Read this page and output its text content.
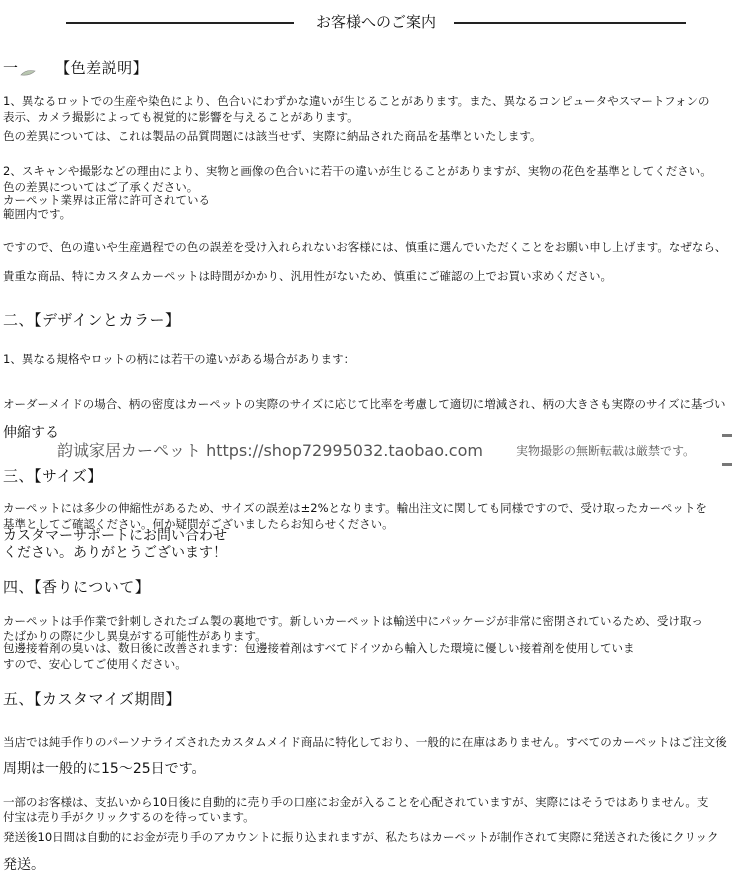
お客様へのご案内
一 【色差説明】
1、異なるロットでの生産や染色により、色合いにわずかな違いが生じることがあります。また、異なるコンピュータやスマートフォンの
表示、カメラ撮影によっても視覚的に影響を与えることがあります。
色の差異については、これは製品の品質問題には該当せず、実際に納品された商品を基準といたします。
2、スキャンや撮影などの理由により、実物と画像の色合いに若干の違いが生じることがありますが、実物の花色を基準としてください。
色の差異についてはご了承ください。
カーペット業界は正常に許可されている
範囲内です。
ですので、色の違いや生産過程での色の誤差を受け入れられないお客様には、慎重に選んでいただくことをお願い申し上げます。なぜなら、
貴重な商品、特にカスタムカーペットは時間がかかり、汎用性がないため、慎重にご確認の上でお買い求めください。
二、【デザインとカラー】
1、異なる規格やロットの柄には若干の違いがある場合があります：
オーダーメイドの場合、柄の密度はカーペットの実際のサイズに応じて比率を考慮して適切に増減され、柄の大きさも実際のサイズに基づい
伸縮する
韵诚家居カーペット https://shop72995032.taobao.com	実物撮影の無断転載は厳禁です。
三、【サイズ】
カーペットには多少の伸縮性があるため、サイズの誤差は±2%となります。輸出注文に関しても同様ですので、受け取ったカーペットを
基準としてご確認ください。何か疑問がございましたらお知らせください。
カスタマーサポートにお問い合わせ
ください。ありがとうございます！
四、【香りについて】
カーペットは手作業で針刺しされたゴム製の裏地です。新しいカーペットは輸送中にパッケージが非常に密閉されているため、受け取っ
たばかりの際に少し異臭がする可能性があります。
包邊接着剤の臭いは、数日後に改善されます：包邊接着剤はすべてドイツから輸入した環境に優しい接着剤を使用していま
すので、安心してご使用ください。
五、【カスタマイズ期間】
当店では純手作りのパーソナライズされたカスタムメイド商品に特化しており、一般的に在庫はありません。すべてのカーペットはご注文後
周期は一般的に15～25日です。
一部のお客様は、支払いから10日後に自動的に売り手の口座にお金が入ることを心配されていますが、実際にはそうではありません。支
付宝は売り手がクリックするのを待っています。
発送後10日間は自動的にお金が売り手のアカウントに振り込まれますが、私たちはカーペットが制作されて実際に発送された後にクリック
発送。
